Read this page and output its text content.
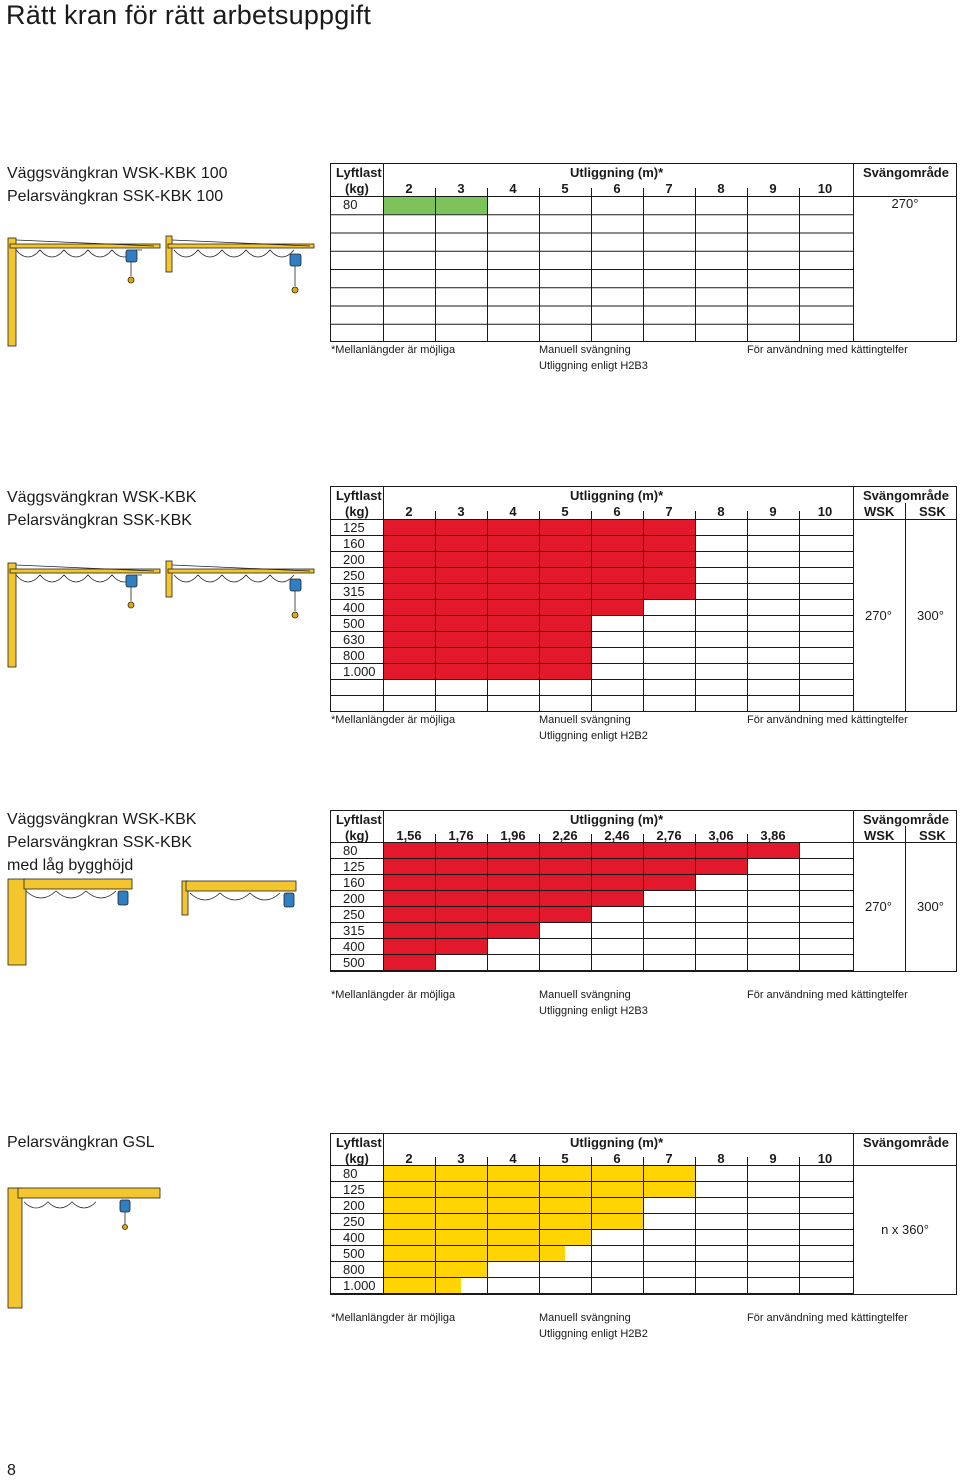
Rätt kran för rätt arbetsuppgift
Väggsvängkran WSK-KBK 100
Pelarsvängkran SSK-KBK 100
Lyftlast
(kg)
Utliggning (m)*	Svängområde
2	3	4	5	6	7	8	9	10
80	270°
*Mellanlängder är möjliga	Manuell svängning
Utliggning enligt H2B3
För användning med kättingtelfer
Väggsvängkran WSK-KBK
Pelarsvängkran SSK-KBK
Lyftlast
(kg)
Utliggning (m)*	Svängområde
WSK SSK
2	3	4	5	6	7	8	9	10
125
160
200
250
315
400
500
630
800
1.000
270° 300°
*Mellanlängder är möjliga	Manuell svängning
Utliggning enligt H2B2
För användning med kättingtelfer
Väggsvängkran WSK-KBK
Pelarsvängkran SSK-KBK
med låg bygghöjd
Lyftlast
(kg)
Utliggning (m)*	Svängområde
WSK SSK
1,56 1,76 1,96 2,26 2,46 2,76 3,06 3,86
80
125
160
200
250
315
400
500
270° 300°
*Mellanlängder är möjliga	Manuell svängning
Utliggning enligt H2B3
För användning med kättingtelfer
Pelarsvängkran GSL	Lyftlast
(kg)
Utliggning (m)*	Svängområde
2	3	4	5	6	7	8	9	10
80
125
200
250
400
500
800
1.000
n x 360°
*Mellanlängder är möjliga	Manuell svängning
Utliggning enligt H2B2
För användning med kättingtelfer
8
